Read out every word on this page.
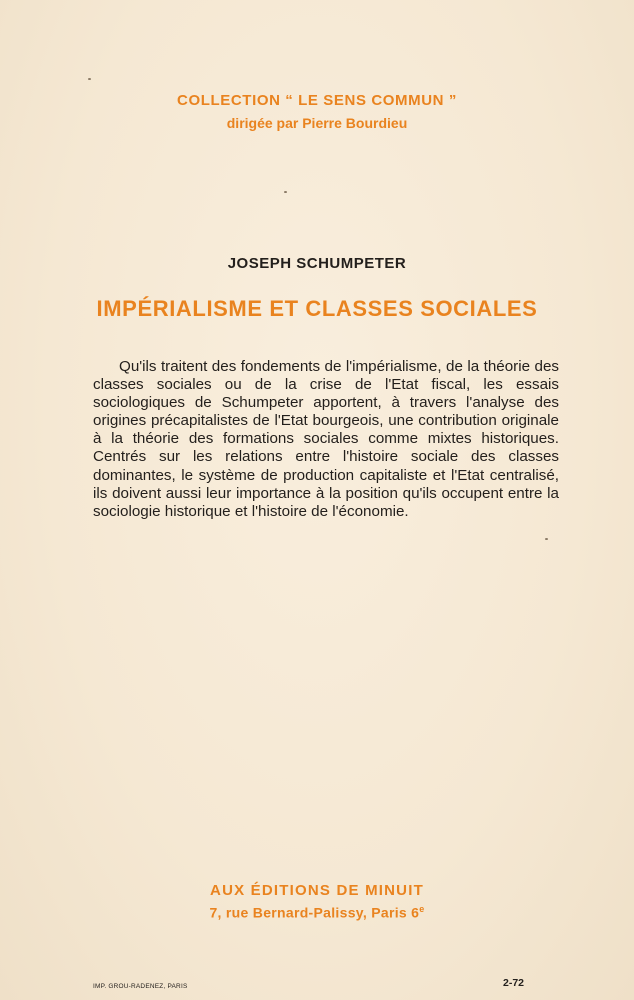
COLLECTION “ LE SENS COMMUN ”
dirigée par Pierre Bourdieu
JOSEPH SCHUMPETER
IMPÉRIALISME ET CLASSES SOCIALES

Qu'ils traitent des fondements de l'impérialisme, de la théorie des classes sociales ou de la crise de l'Etat fiscal, les essais sociologiques de Schumpeter apportent, à travers l'analyse des origines précapitalistes de l'Etat bourgeois, une contribution originale à la théorie des formations sociales comme mixtes historiques. Centrés sur les relations entre l'histoire sociale des classes dominantes, le système de production capitaliste et l'Etat centralisé, ils doivent aussi leur importance à la position qu'ils occupent entre la sociologie historique et l'histoire de l'économie.

AUX ÉDITIONS DE MINUIT
7, rue Bernard-Palissy, Paris 6e
IMP. GROU-RADENEZ, PARIS	2-72
